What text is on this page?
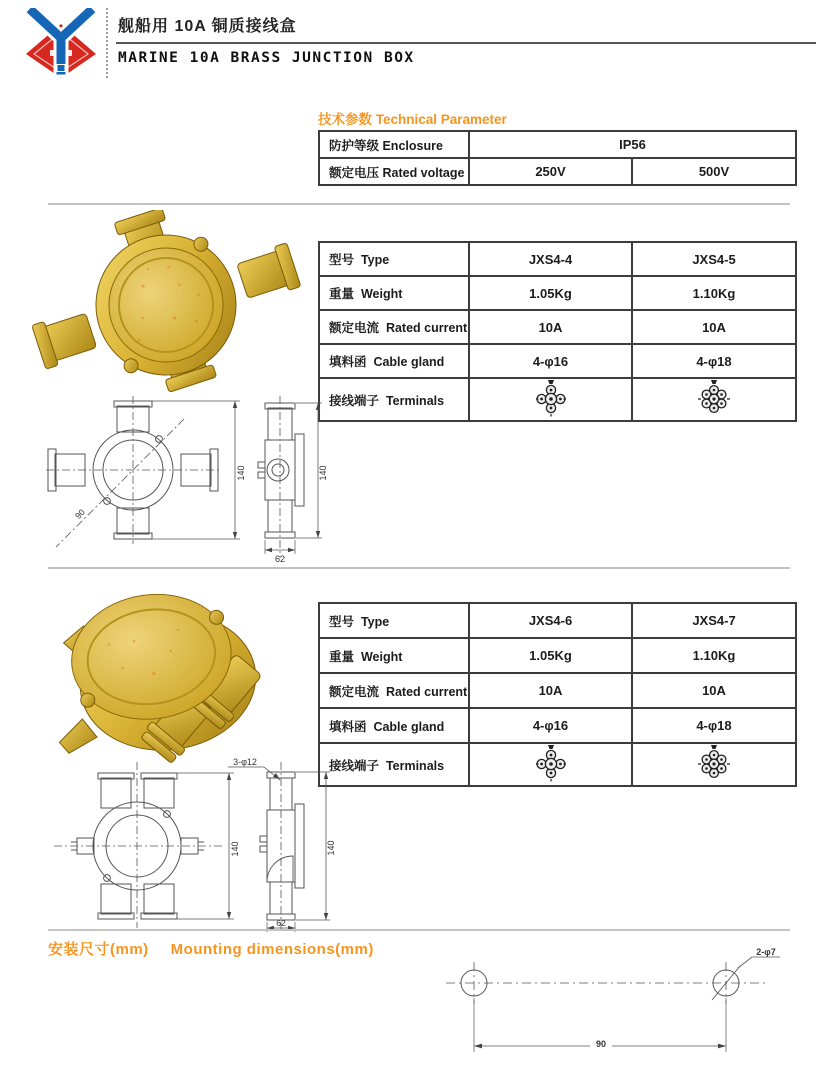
舰船用 10A 铜质接线盒
MARINE 10A BRASS JUNCTION BOX
技术参数 Technical Parameter
防护等级 Enclosure	IP56	
额定电压 Rated voltage	250V	500V
型号  Type	JXS4-4	JXS4-5
重量  Weight	1.05Kg	1.10Kg
额定电流  Rated current	10A	10A
填料函  Cable gland	4-φ16	4-φ18
接线端子  Terminals		
140
90
140
62
型号  Type	JXS4-6	JXS4-7
重量  Weight	1.05Kg	1.10Kg
额定电流  Rated current	10A	10A
填料函  Cable gland	4-φ16	4-φ18
接线端子  Terminals		
140
3-φ12
140
62
安装尺寸(mm) Mounting dimensions(mm)	2-φ7
90
